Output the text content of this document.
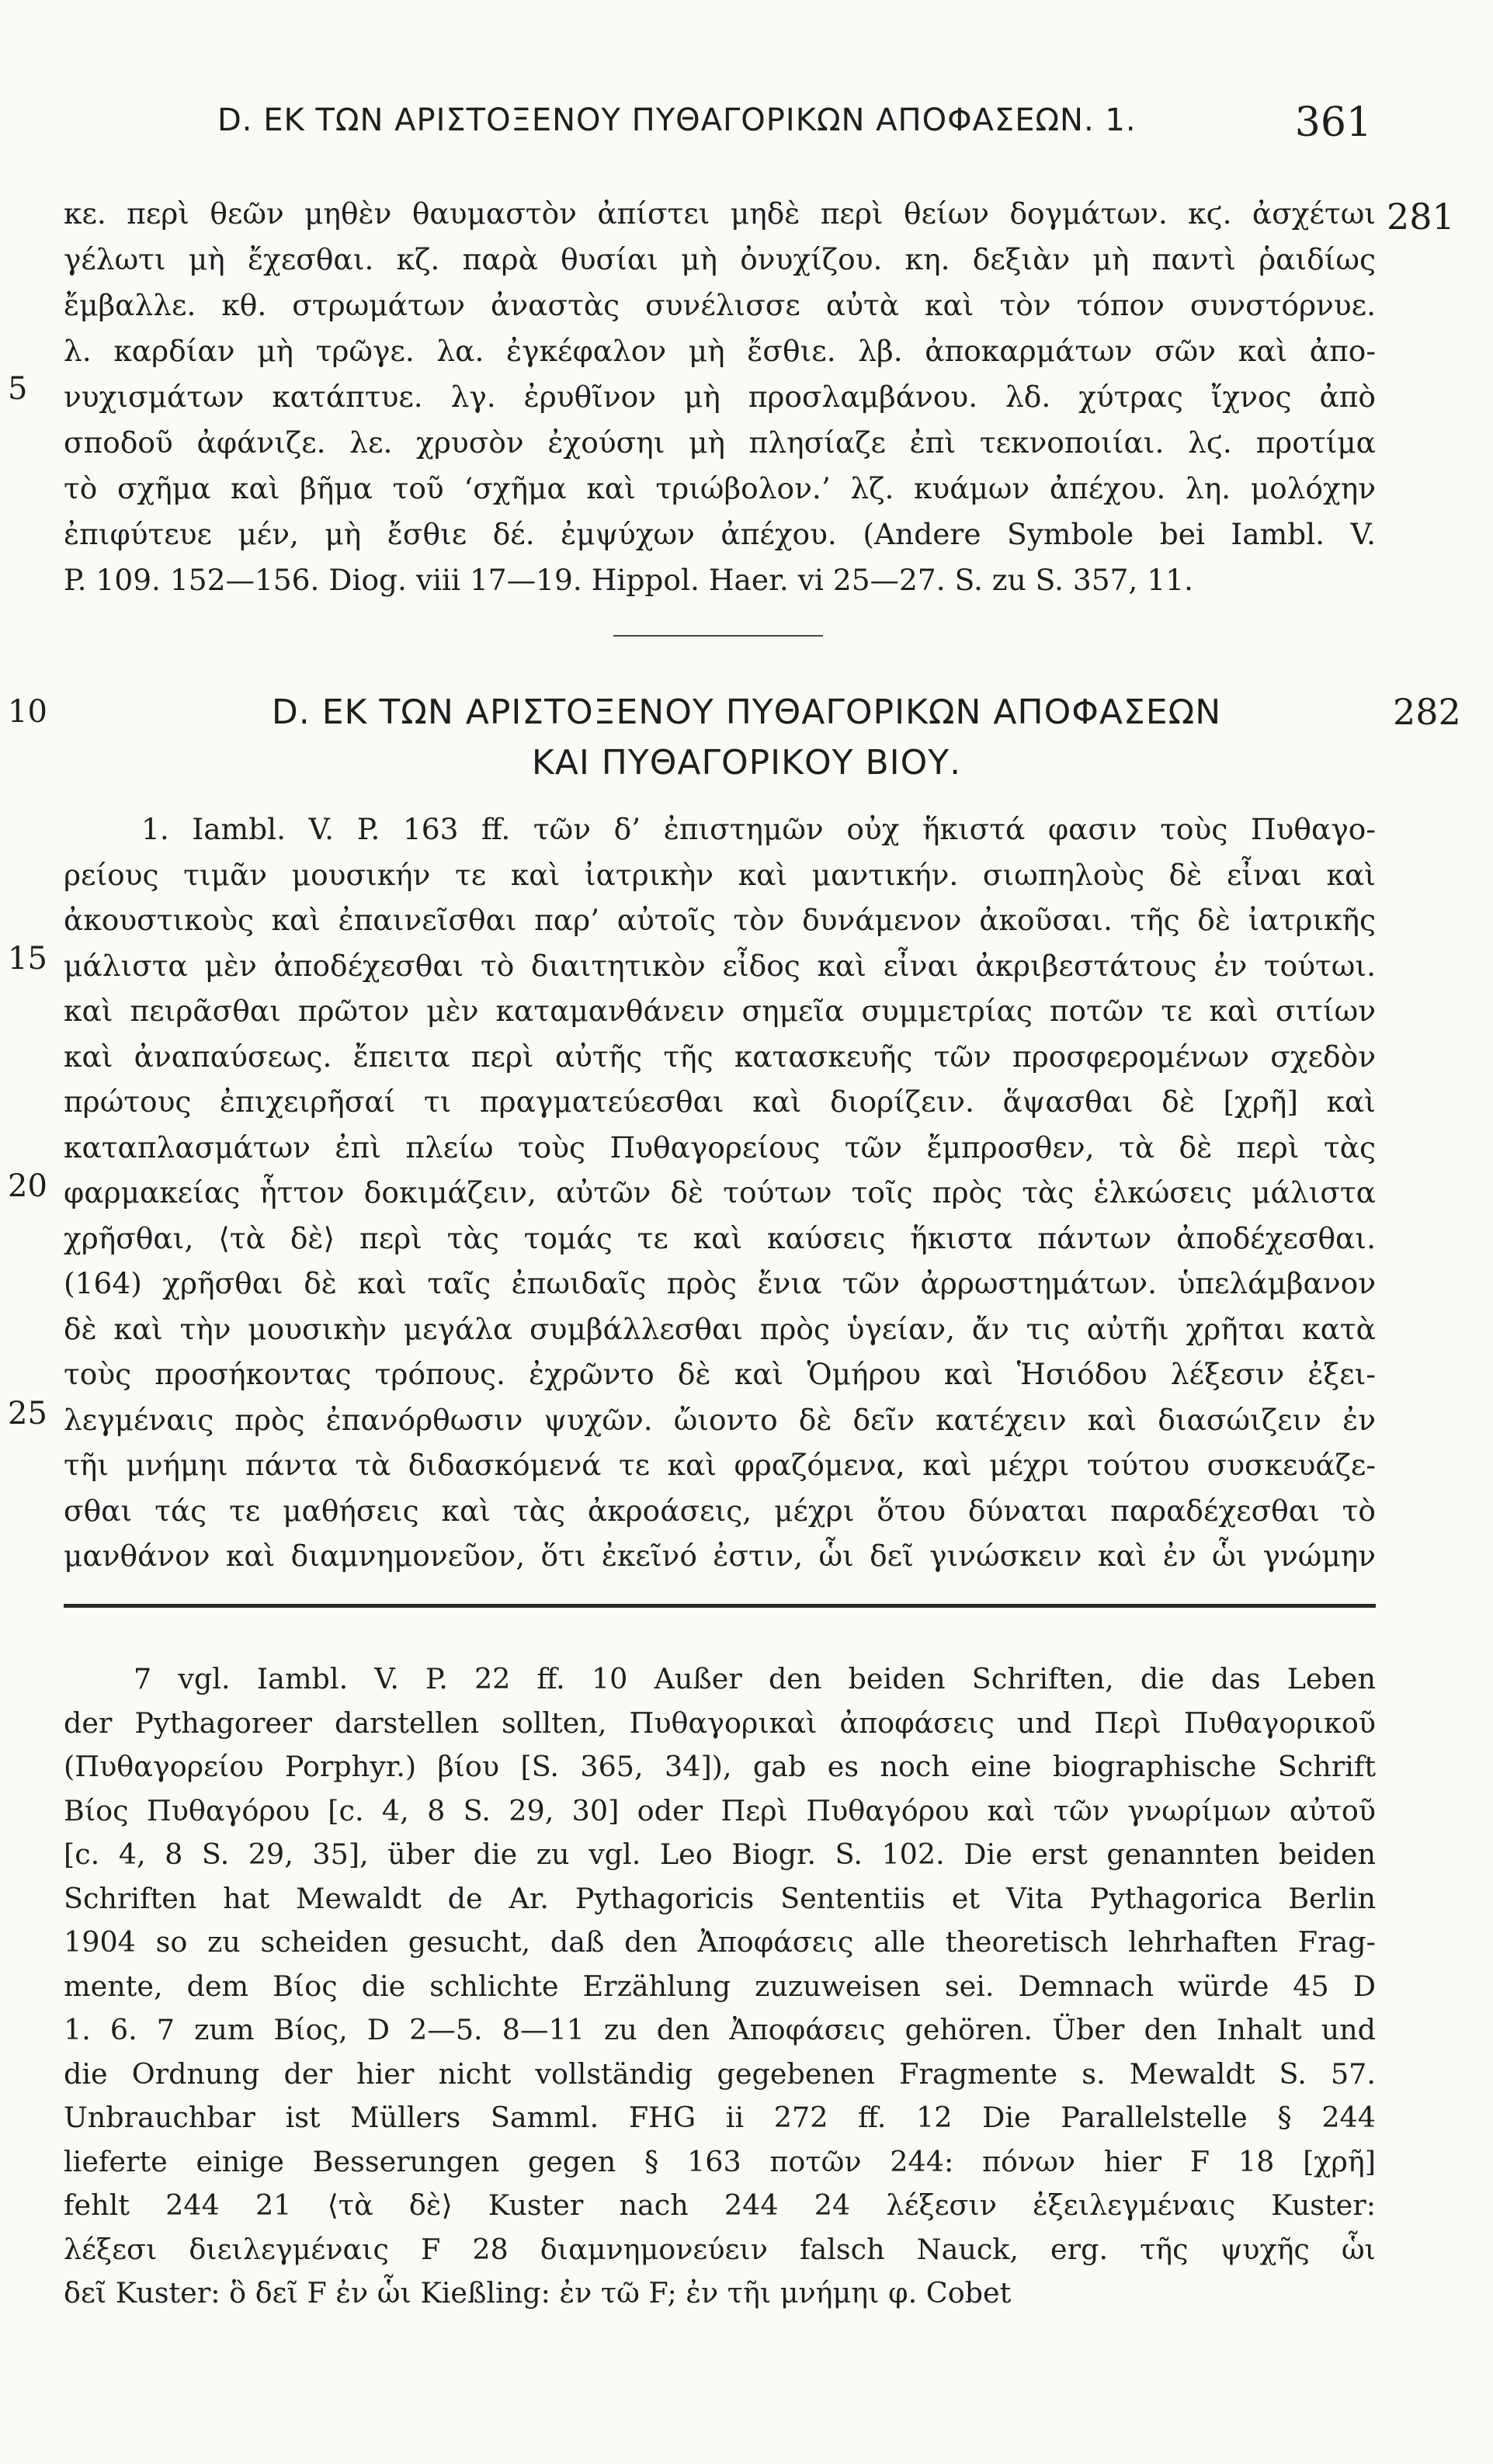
D. ΕΚ ΤΩΝ ΑΡΙΣΤΟΞΕΝΟΥ ΠΥΘΑΓΟΡΙΚΩΝ ΑΠΟΦΑΣΕΩΝ. 1.	361
281
282
5
10
15
20
25
κε. περὶ θεῶν μηθὲν θαυμαστὸν ἀπίστει μηδὲ περὶ θείων δογμάτων. κϛ. ἀσχέτωι
γέλωτι μὴ ἔχεσθαι. κζ. παρὰ θυσίαι μὴ ὀνυχίζου. κη. δεξιὰν μὴ παντὶ ῥαιδίως
ἔμβαλλε. κθ. στρωμάτων ἀναστὰς συνέλισσε αὐτὰ καὶ τὸν τόπον συνστόρνυε.
λ. καρδίαν μὴ τρῶγε. λα. ἐγκέφαλον μὴ ἔσθιε. λβ. ἀποκαρμάτων σῶν καὶ ἀπο-
νυχισμάτων κατάπτυε. λγ. ἐρυθῖνον μὴ προσλαμβάνου. λδ. χύτρας ἴχνος ἀπὸ
σποδοῦ ἀφάνιζε. λε. χρυσὸν ἐχούσηι μὴ πλησίαζε ἐπὶ τεκνοποιίαι. λϛ. προτίμα
τὸ σχῆμα καὶ βῆμα τοῦ ‘σχῆμα καὶ τριώβολον.’ λζ. κυάμων ἀπέχου. λη. μολόχην
ἐπιφύτευε μέν, μὴ ἔσθιε δέ. ἐμψύχων ἀπέχου. (Andere Symbole bei Iambl. V.
P. 109. 152—156. Diog. viii 17—19. Hippol. Haer. vi 25—27. S. zu S. 357, 11.
D. ΕΚ ΤΩΝ ΑΡΙΣΤΟΞΕΝΟΥ ΠΥΘΑΓΟΡΙΚΩΝ ΑΠΟΦΑΣΕΩΝ
ΚΑΙ ΠΥΘΑΓΟΡΙΚΟΥ ΒΙΟΥ.
1. Iambl. V. P. 163 ff. τῶν δ’ ἐπιστημῶν οὐχ ἥκιστά φασιν τοὺς Πυθαγο-
ρείους τιμᾶν μουσικήν τε καὶ ἰατρικὴν καὶ μαντικήν. σιωπηλοὺς δὲ εἶναι καὶ
ἀκουστικοὺς καὶ ἐπαινεῖσθαι παρ’ αὐτοῖς τὸν δυνάμενον ἀκοῦσαι. τῆς δὲ ἰατρικῆς
μάλιστα μὲν ἀποδέχεσθαι τὸ διαιτητικὸν εἶδος καὶ εἶναι ἀκριβεστάτους ἐν τούτωι.
καὶ πειρᾶσθαι πρῶτον μὲν καταμανθάνειν σημεῖα συμμετρίας ποτῶν τε καὶ σιτίων
καὶ ἀναπαύσεως. ἔπειτα περὶ αὐτῆς τῆς κατασκευῆς τῶν προσφερομένων σχεδὸν
πρώτους ἐπιχειρῆσαί τι πραγματεύεσθαι καὶ διορίζειν. ἅψασθαι δὲ [χρῆ] καὶ
καταπλασμάτων ἐπὶ πλείω τοὺς Πυθαγορείους τῶν ἔμπροσθεν, τὰ δὲ περὶ τὰς
φαρμακείας ἧττον δοκιμάζειν, αὐτῶν δὲ τούτων τοῖς πρὸς τὰς ἑλκώσεις μάλιστα
χρῆσθαι, ⟨τὰ δὲ⟩ περὶ τὰς τομάς τε καὶ καύσεις ἥκιστα πάντων ἀποδέχεσθαι.
(164) χρῆσθαι δὲ καὶ ταῖς ἐπωιδαῖς πρὸς ἔνια τῶν ἀρρωστημάτων. ὑπελάμβανον
δὲ καὶ τὴν μουσικὴν μεγάλα συμβάλλεσθαι πρὸς ὑγείαν, ἄν τις αὐτῆι χρῆται κατὰ
τοὺς προσήκοντας τρόπους. ἐχρῶντο δὲ καὶ Ὁμήρου καὶ Ἡσιόδου λέξεσιν ἐξει-
λεγμέναις πρὸς ἐπανόρθωσιν ψυχῶν. ὤιοντο δὲ δεῖν κατέχειν καὶ διασώιζειν ἐν
τῆι μνήμηι πάντα τὰ διδασκόμενά τε καὶ φραζόμενα, καὶ μέχρι τούτου συσκευάζε-
σθαι τάς τε μαθήσεις καὶ τὰς ἀκροάσεις, μέχρι ὅτου δύναται παραδέχεσθαι τὸ
μανθάνον καὶ διαμνημονεῦον, ὅτι ἐκεῖνό ἐστιν, ὧι δεῖ γινώσκειν καὶ ἐν ὧι γνώμην
7 vgl. Iambl. V. P. 22 ff. 10 Außer den beiden Schriften, die das Leben
der Pythagoreer darstellen sollten, Πυθαγορικαὶ ἀποφάσεις und Περὶ Πυθαγορικοῦ
(Πυθαγορείου Porphyr.) βίου [S. 365, 34]), gab es noch eine biographische Schrift
Βίος Πυθαγόρου [c. 4, 8 S. 29, 30] oder Περὶ Πυθαγόρου καὶ τῶν γνωρίμων αὐτοῦ
[c. 4, 8 S. 29, 35], über die zu vgl. Leo Biogr. S. 102. Die erst genannten beiden
Schriften hat Mewaldt de Ar. Pythagoricis Sententiis et Vita Pythagorica Berlin
1904 so zu scheiden gesucht, daß den Ἀποφάσεις alle theoretisch lehrhaften Frag-
mente, dem Βίος die schlichte Erzählung zuzuweisen sei. Demnach würde 45 D
1. 6. 7 zum Βίος, D 2—5. 8—11 zu den Ἀποφάσεις gehören. Über den Inhalt und
die Ordnung der hier nicht vollständig gegebenen Fragmente s. Mewaldt S. 57.
Unbrauchbar ist Müllers Samml. FHG ii 272 ff. 12 Die Parallelstelle § 244
lieferte einige Besserungen gegen § 163 ποτῶν 244: πόνων hier F 18 [χρῆ]
fehlt 244 21 ⟨τὰ δὲ⟩ Kuster nach 244 24 λέξεσιν ἐξειλεγμέναις Kuster:
λέξεσι διειλεγμέναις F 28 διαμνημονεύειν falsch Nauck, erg. τῆς ψυχῆς ὧι
δεῖ Kuster: ὃ δεῖ F ἐν ὧι Kießling: ἐν τῶ F; ἐν τῆι μνήμηι φ. Cobet
